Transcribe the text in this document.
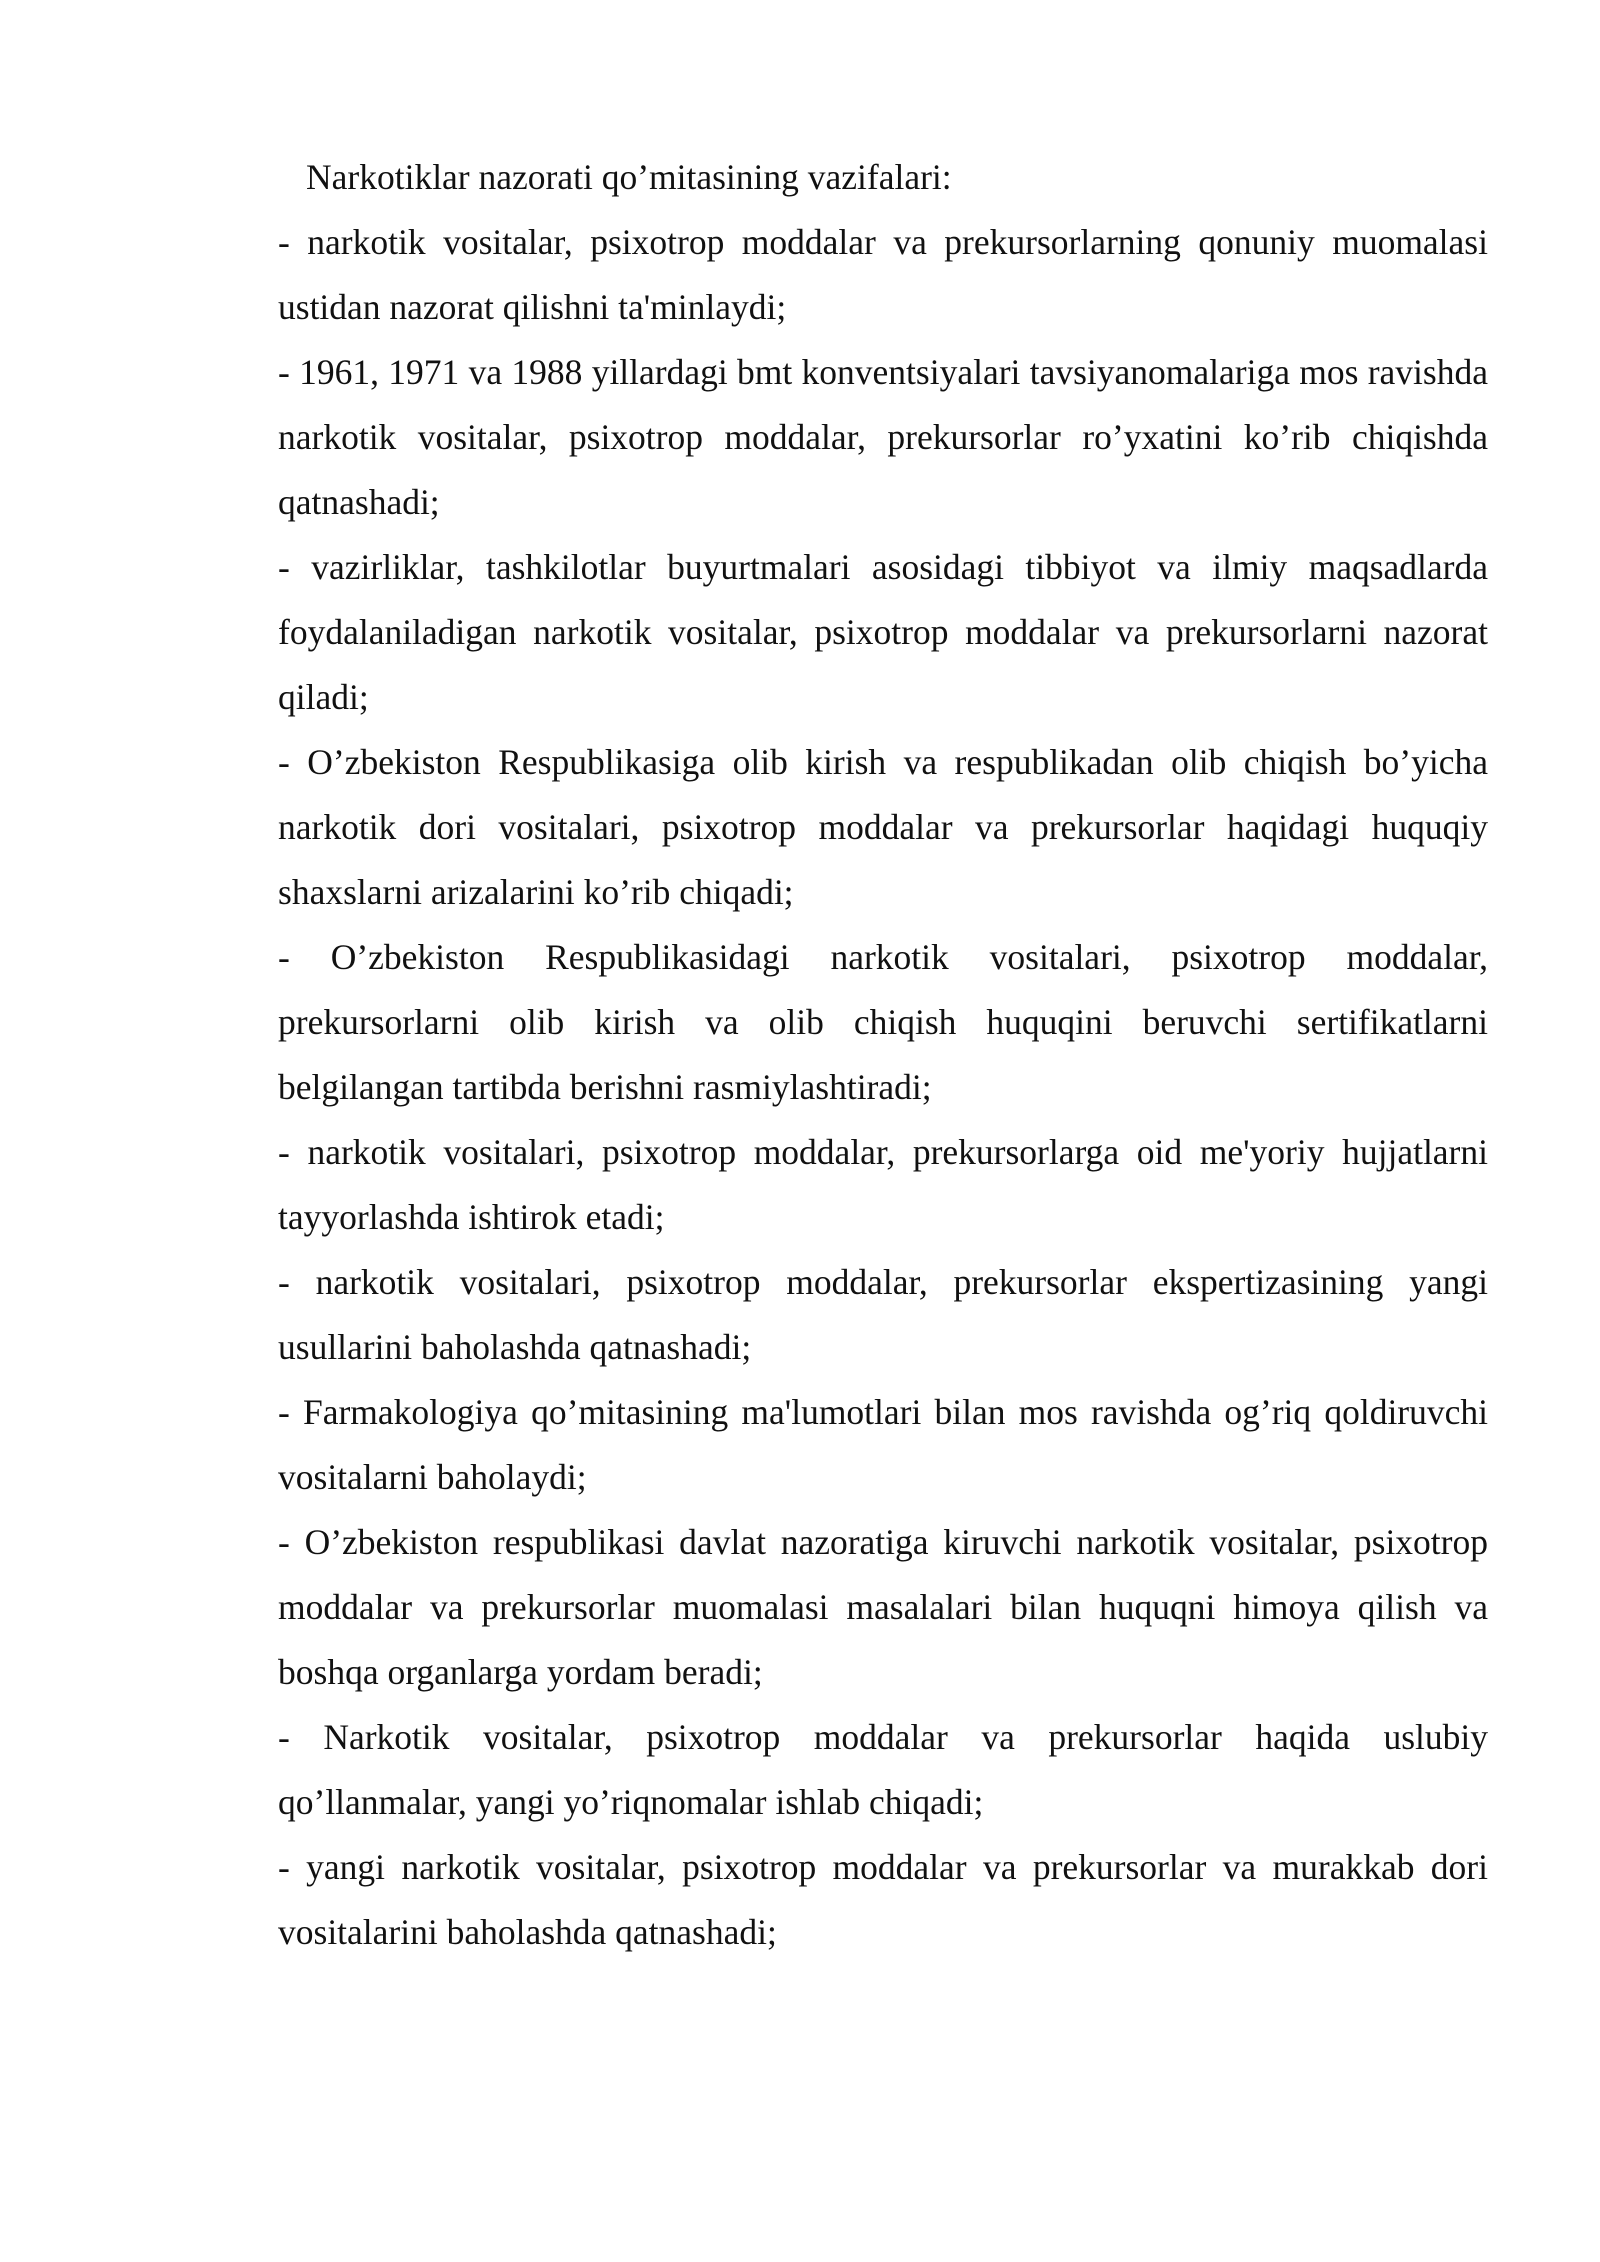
Narkotiklar nazorati qo’mitasining vazifalari:

- narkotik vositalar, psixotrop moddalar va prekursorlarning qonuniy muomalasi ustidan nazorat qilishni ta'minlaydi;

- 1961, 1971 va 1988 yillardagi bmt konventsiyalari tavsiyanomalariga mos ravishda narkotik vositalar, psixotrop moddalar, prekursorlar ro’yxatini ko’rib chiqishda qatnashadi;

- vazirliklar, tashkilotlar buyurtmalari asosidagi tibbiyot va ilmiy maqsadlarda foydalaniladigan narkotik vositalar, psixotrop moddalar va prekursorlarni nazorat qiladi;

- O’zbekiston Respublikasiga olib kirish va respublikadan olib chiqish bo’yicha narkotik dori vositalari, psixotrop moddalar va prekursorlar haqidagi huquqiy shaxslarni arizalarini ko’rib chiqadi;

- O’zbekiston Respublikasidagi narkotik vositalari, psixotrop moddalar, prekursorlarni olib kirish va olib chiqish huquqini beruvchi sertifikatlarni belgilangan tartibda berishni rasmiylashtiradi;

- narkotik vositalari, psixotrop moddalar, prekursorlarga oid me'yoriy hujjatlarni tayyorlashda ishtirok etadi;

- narkotik vositalari, psixotrop moddalar, prekursorlar ekspertizasining yangi usullarini baholashda qatnashadi;

- Farmakologiya qo’mitasining ma'lumotlari bilan mos ravishda og’riq qoldiruvchi vositalarni baholaydi;

- O’zbekiston respublikasi davlat nazoratiga kiruvchi narkotik vositalar, psixotrop moddalar va prekursorlar muomalasi masalalari bilan huquqni himoya qilish va boshqa organlarga yordam beradi;

- Narkotik vositalar, psixotrop moddalar va prekursorlar haqida uslubiy qo’llanmalar, yangi yo’riqnomalar ishlab chiqadi;

- yangi narkotik vositalar, psixotrop moddalar va prekursorlar va murakkab dori vositalarini baholashda qatnashadi;
